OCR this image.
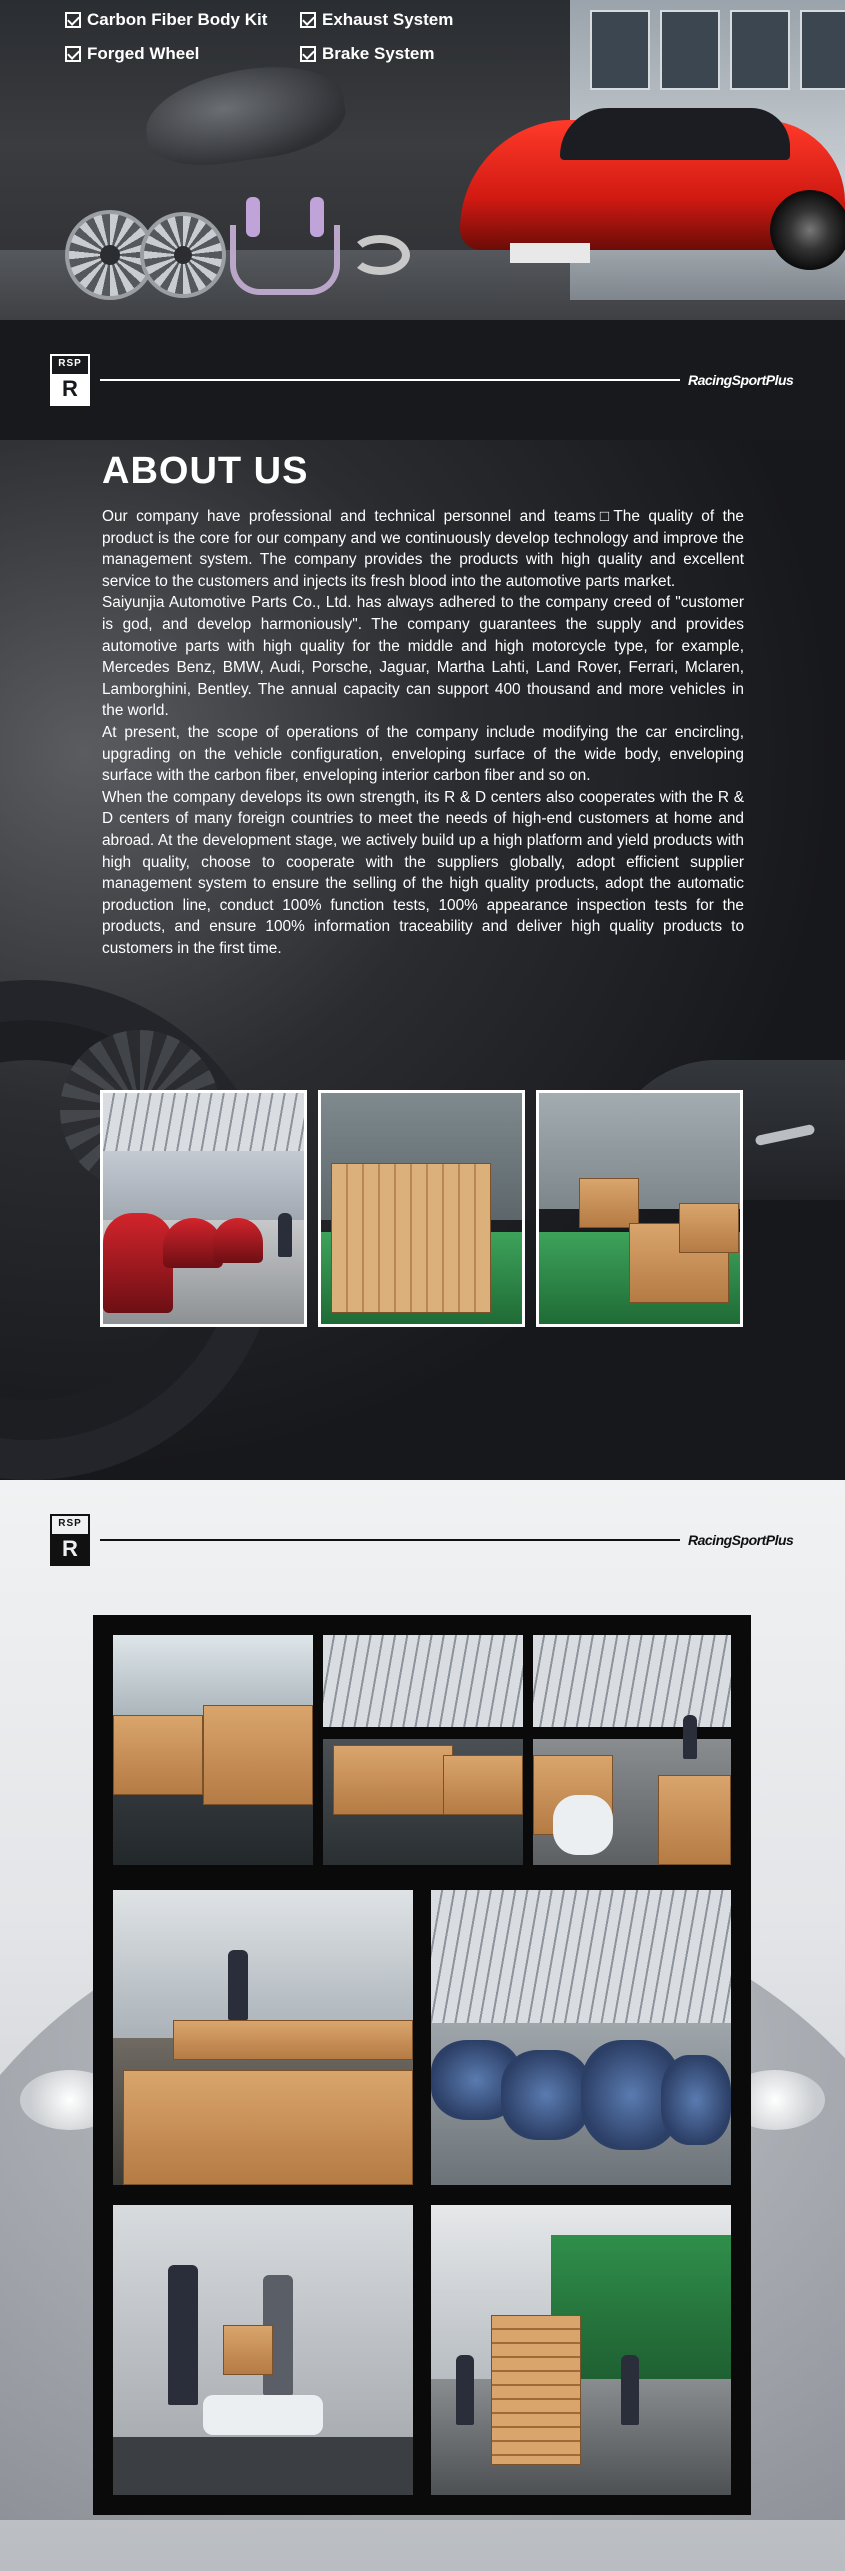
Carbon Fiber Body Kit	Exhaust System
Forged Wheel	Brake System
RSP
R	RacingSportPlus
ABOUT US

Our company have professional and technical personnel and teams□The quality of the product is the core for our company and we continuously develop technology and improve the management system. The company provides the products with high quality and excellent service to the customers and injects its fresh blood into the automotive parts market.

Saiyunjia Automotive Parts Co., Ltd. has always adhered to the company creed of "customer is god, and develop harmoniously". The company guarantees the supply and provides automotive parts with high quality for the middle and high motorcycle type, for example, Mercedes Benz, BMW, Audi, Porsche, Jaguar, Martha Lahti, Land Rover, Ferrari, Mclaren, Lamborghini, Bentley. The annual capacity can support 400 thousand and more vehicles in the world.

At present, the scope of operations of the company include modifying the car encircling, upgrading on the vehicle configuration, enveloping surface of the wide body, enveloping surface with the carbon fiber, enveloping interior carbon fiber and so on.

When the company develops its own strength, its R & D centers also cooperates with the R & D centers of many foreign countries to meet the needs of high-end customers at home and abroad. At the development stage, we actively build up a high platform and yield products with high quality, choose to cooperate with the suppliers globally, adopt efficient supplier management system to ensure the selling of the high quality products, adopt the automatic production line, conduct 100% function tests, 100% appearance inspection tests for the products, and ensure 100% information traceability and deliver high quality products to customers in the first time.

RSP
R	RacingSportPlus
